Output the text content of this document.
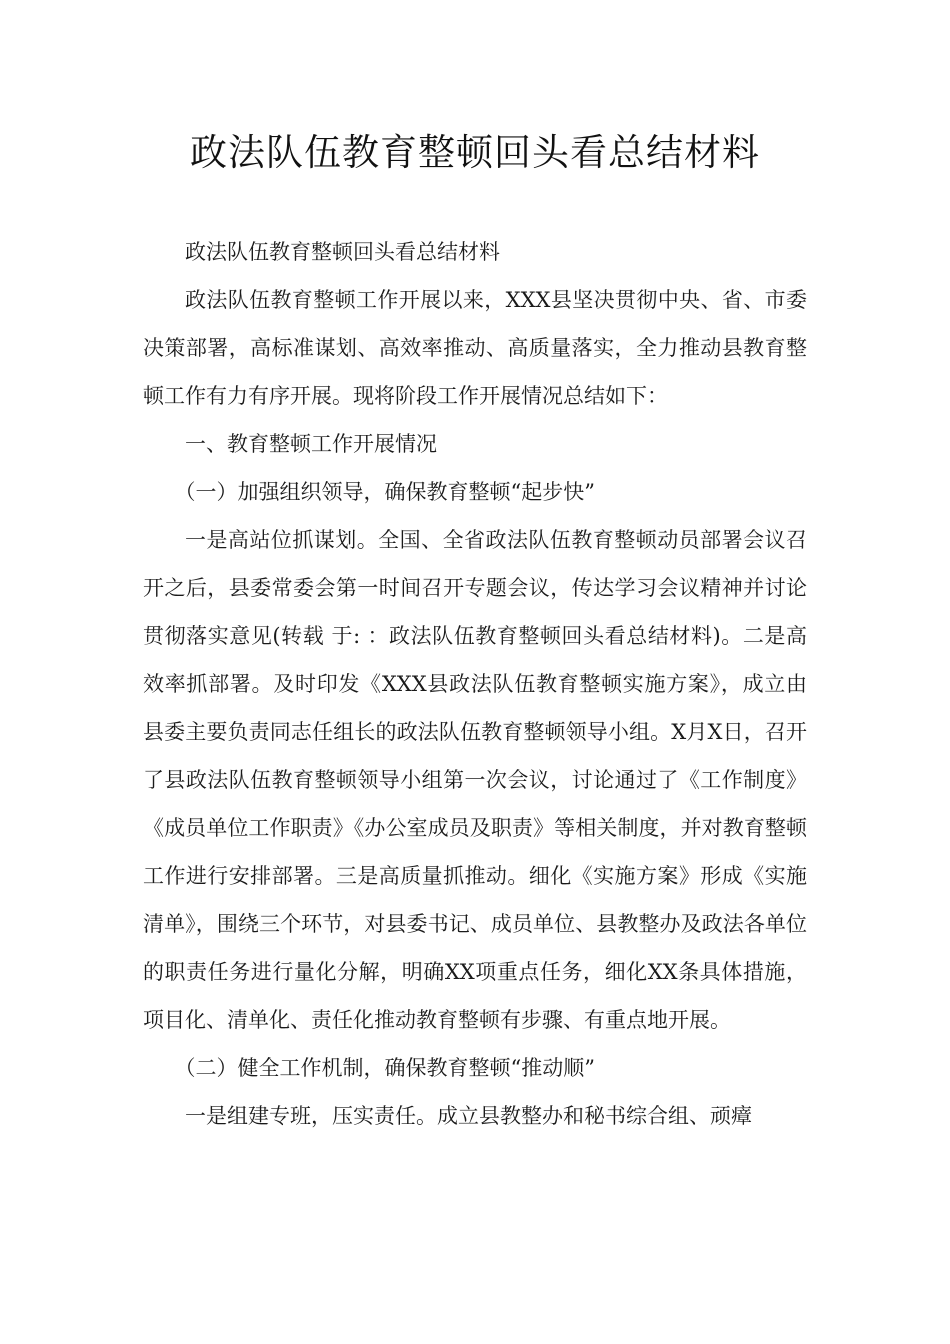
政法队伍教育整顿回头看总结材料

政法队伍教育整顿回头看总结材料

政法队伍教育整顿工作开展以来，XXX县坚决贯彻中央、省、市委决策部署，高标准谋划、高效率推动、高质量落实，全力推动县教育整顿工作有力有序开展。现将阶段工作开展情况总结如下：

一、教育整顿工作开展情况

（一）加强组织领导，确保教育整顿“起步快”

一是高站位抓谋划。全国、全省政法队伍教育整顿动员部署会议召开之后，县委常委会第一时间召开专题会议，传达学习会议精神并讨论贯彻落实意见(转载 于: ：政法队伍教育整顿回头看总结材料)。二是高效率抓部署。及时印发《XXX县政法队伍教育整顿实施方案》，成立由县委主要负责同志任组长的政法队伍教育整顿领导小组。X月X日，召开了县政法队伍教育整顿领导小组第一次会议，讨论通过了《工作制度》《成员单位工作职责》《办公室成员及职责》等相关制度，并对教育整顿工作进行安排部署。三是高质量抓推动。细化《实施方案》形成《实施清单》，围绕三个环节，对县委书记、成员单位、县教整办及政法各单位的职责任务进行量化分解，明确XX项重点任务，细化XX条具体措施，项目化、清单化、责任化推动教育整顿有步骤、有重点地开展。

（二）健全工作机制，确保教育整顿“推动顺”

一是组建专班，压实责任。成立县教整办和秘书综合组、顽瘴
